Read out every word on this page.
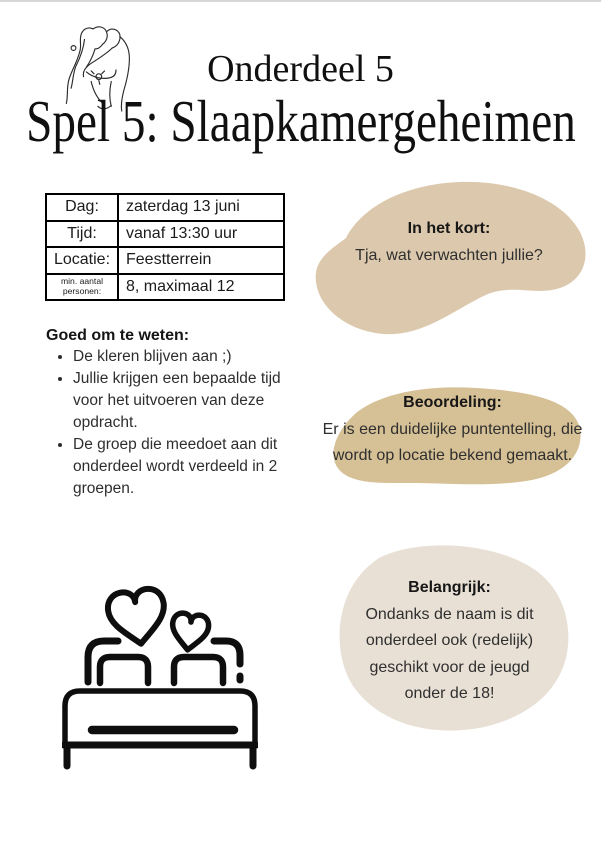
Onderdeel 5
Spel 5: Slaapkamergeheimen
Dag:	zaterdag 13 juni
Tijd:	vanaf 13:30 uur
Locatie: Feestterrein
min. aantal personen:	8, maximaal 12
Goed om te weten:
• De kleren blijven aan ;)
• Jullie krijgen een bepaalde tijd voor het uitvoeren van deze opdracht.
• De groep die meedoet aan dit onderdeel wordt verdeeld in 2 groepen.
In het kort:

Tja, wat verwachten jullie?

Beoordeling:

Er is een duidelijke puntentelling, die wordt op locatie bekend gemaakt.

Belangrijk:

Ondanks de naam is dit onderdeel ook (redelijk) geschikt voor de jeugd onder de 18!
